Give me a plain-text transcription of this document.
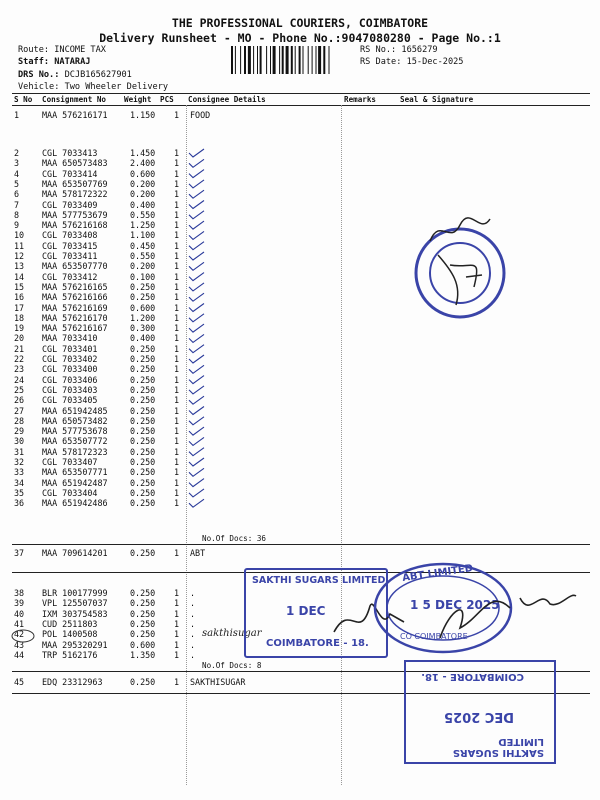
THE PROFESSIONAL COURIERS, COIMBATORE
Delivery Runsheet - MO - Phone No.:9047080280 - Page No.:1
Route: INCOME TAX
Staff: NATARAJ
DRS No.: DCJB165627901
Vehicle: Two Wheeler Delivery
RS No.: 1656279
RS Date: 15-Dec-2025
S No Consignment No Weight PCS Consignee Details	Remarks	Seal & Signature
1	MAA 576216171	1.150 1 FOOD
2	CGL 7033413	1.450 1
3	MAA 650573483	2.400 1
4	CGL 7033414	0.600 1
5	MAA 653507769	0.200 1
6	MAA 578172322	0.200 1
7	CGL 7033409	0.400 1
8	MAA 577753679	0.550 1
9	MAA 576216168	1.250 1
10 CGL 7033408	1.100 1
11 CGL 7033415	0.450 1
12 CGL 7033411	0.550 1
13 MAA 653507770	0.200 1
14 CGL 7033412	0.100 1
15 MAA 576216165	0.250 1
16 MAA 576216166	0.250 1
17 MAA 576216169	0.600 1
18 MAA 576216170	1.200 1
19 MAA 576216167	0.300 1
20 MAA 7033410	0.400 1
21 CGL 7033401	0.250 1
22 CGL 7033402	0.250 1
23 CGL 7033400	0.250 1
24 CGL 7033406	0.250 1
25 CGL 7033403	0.250 1
26 CGL 7033405	0.250 1
27 MAA 651942485	0.250 1
28 MAA 650573482	0.250 1
29 MAA 577753678	0.250 1
30 MAA 653507772	0.250 1
31 MAA 578172323	0.250 1
32 CGL 7033407	0.250 1
33 MAA 653507771	0.250 1
34 MAA 651942487	0.250 1
35 CGL 7033404	0.250 1
36 MAA 651942486	0.250 1
37 MAA 709614201	0.250 1 ABT
38 BLR 100177999	0.250 1 .
39 VPL 125507037	0.250 1 .
40 IXM 303754583	0.250 1 .
41 CUD 2511803	0.250 1 .
42 POL 1400508	0.250 1 .
43 MAA 295320291	0.600 1 .
44 TRP 5162176	1.350 1 .
45 EDQ 23312963	0.250 1 SAKTHISUGAR
No.Of Docs: 36
No.Of Docs: 8
sakthisugar
SAKTHI SUGARS LIMITED
1 DEC
COIMBATORE - 18.
ABT LIMITED
1 5 DEC 2025
CO COIMBATORE
SAKTHI SUGARS LIMITED
DEC 2025
COIMBATORE - 18.
